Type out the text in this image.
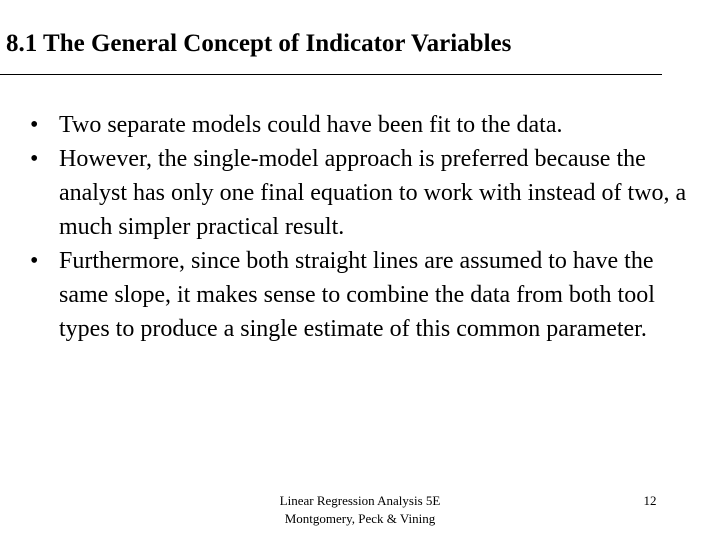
8.1 The General Concept of Indicator Variables
• Two separate models could have been fit to the data.
• However, the single-model approach is preferred because the analyst has only one final equation to work with instead of two, a much simpler practical result.
• Furthermore, since both straight lines are assumed to have the same slope, it makes sense to combine the data from both tool types to produce a single estimate of this common parameter.
Linear Regression Analysis 5E
Montgomery, Peck & Vining
12
